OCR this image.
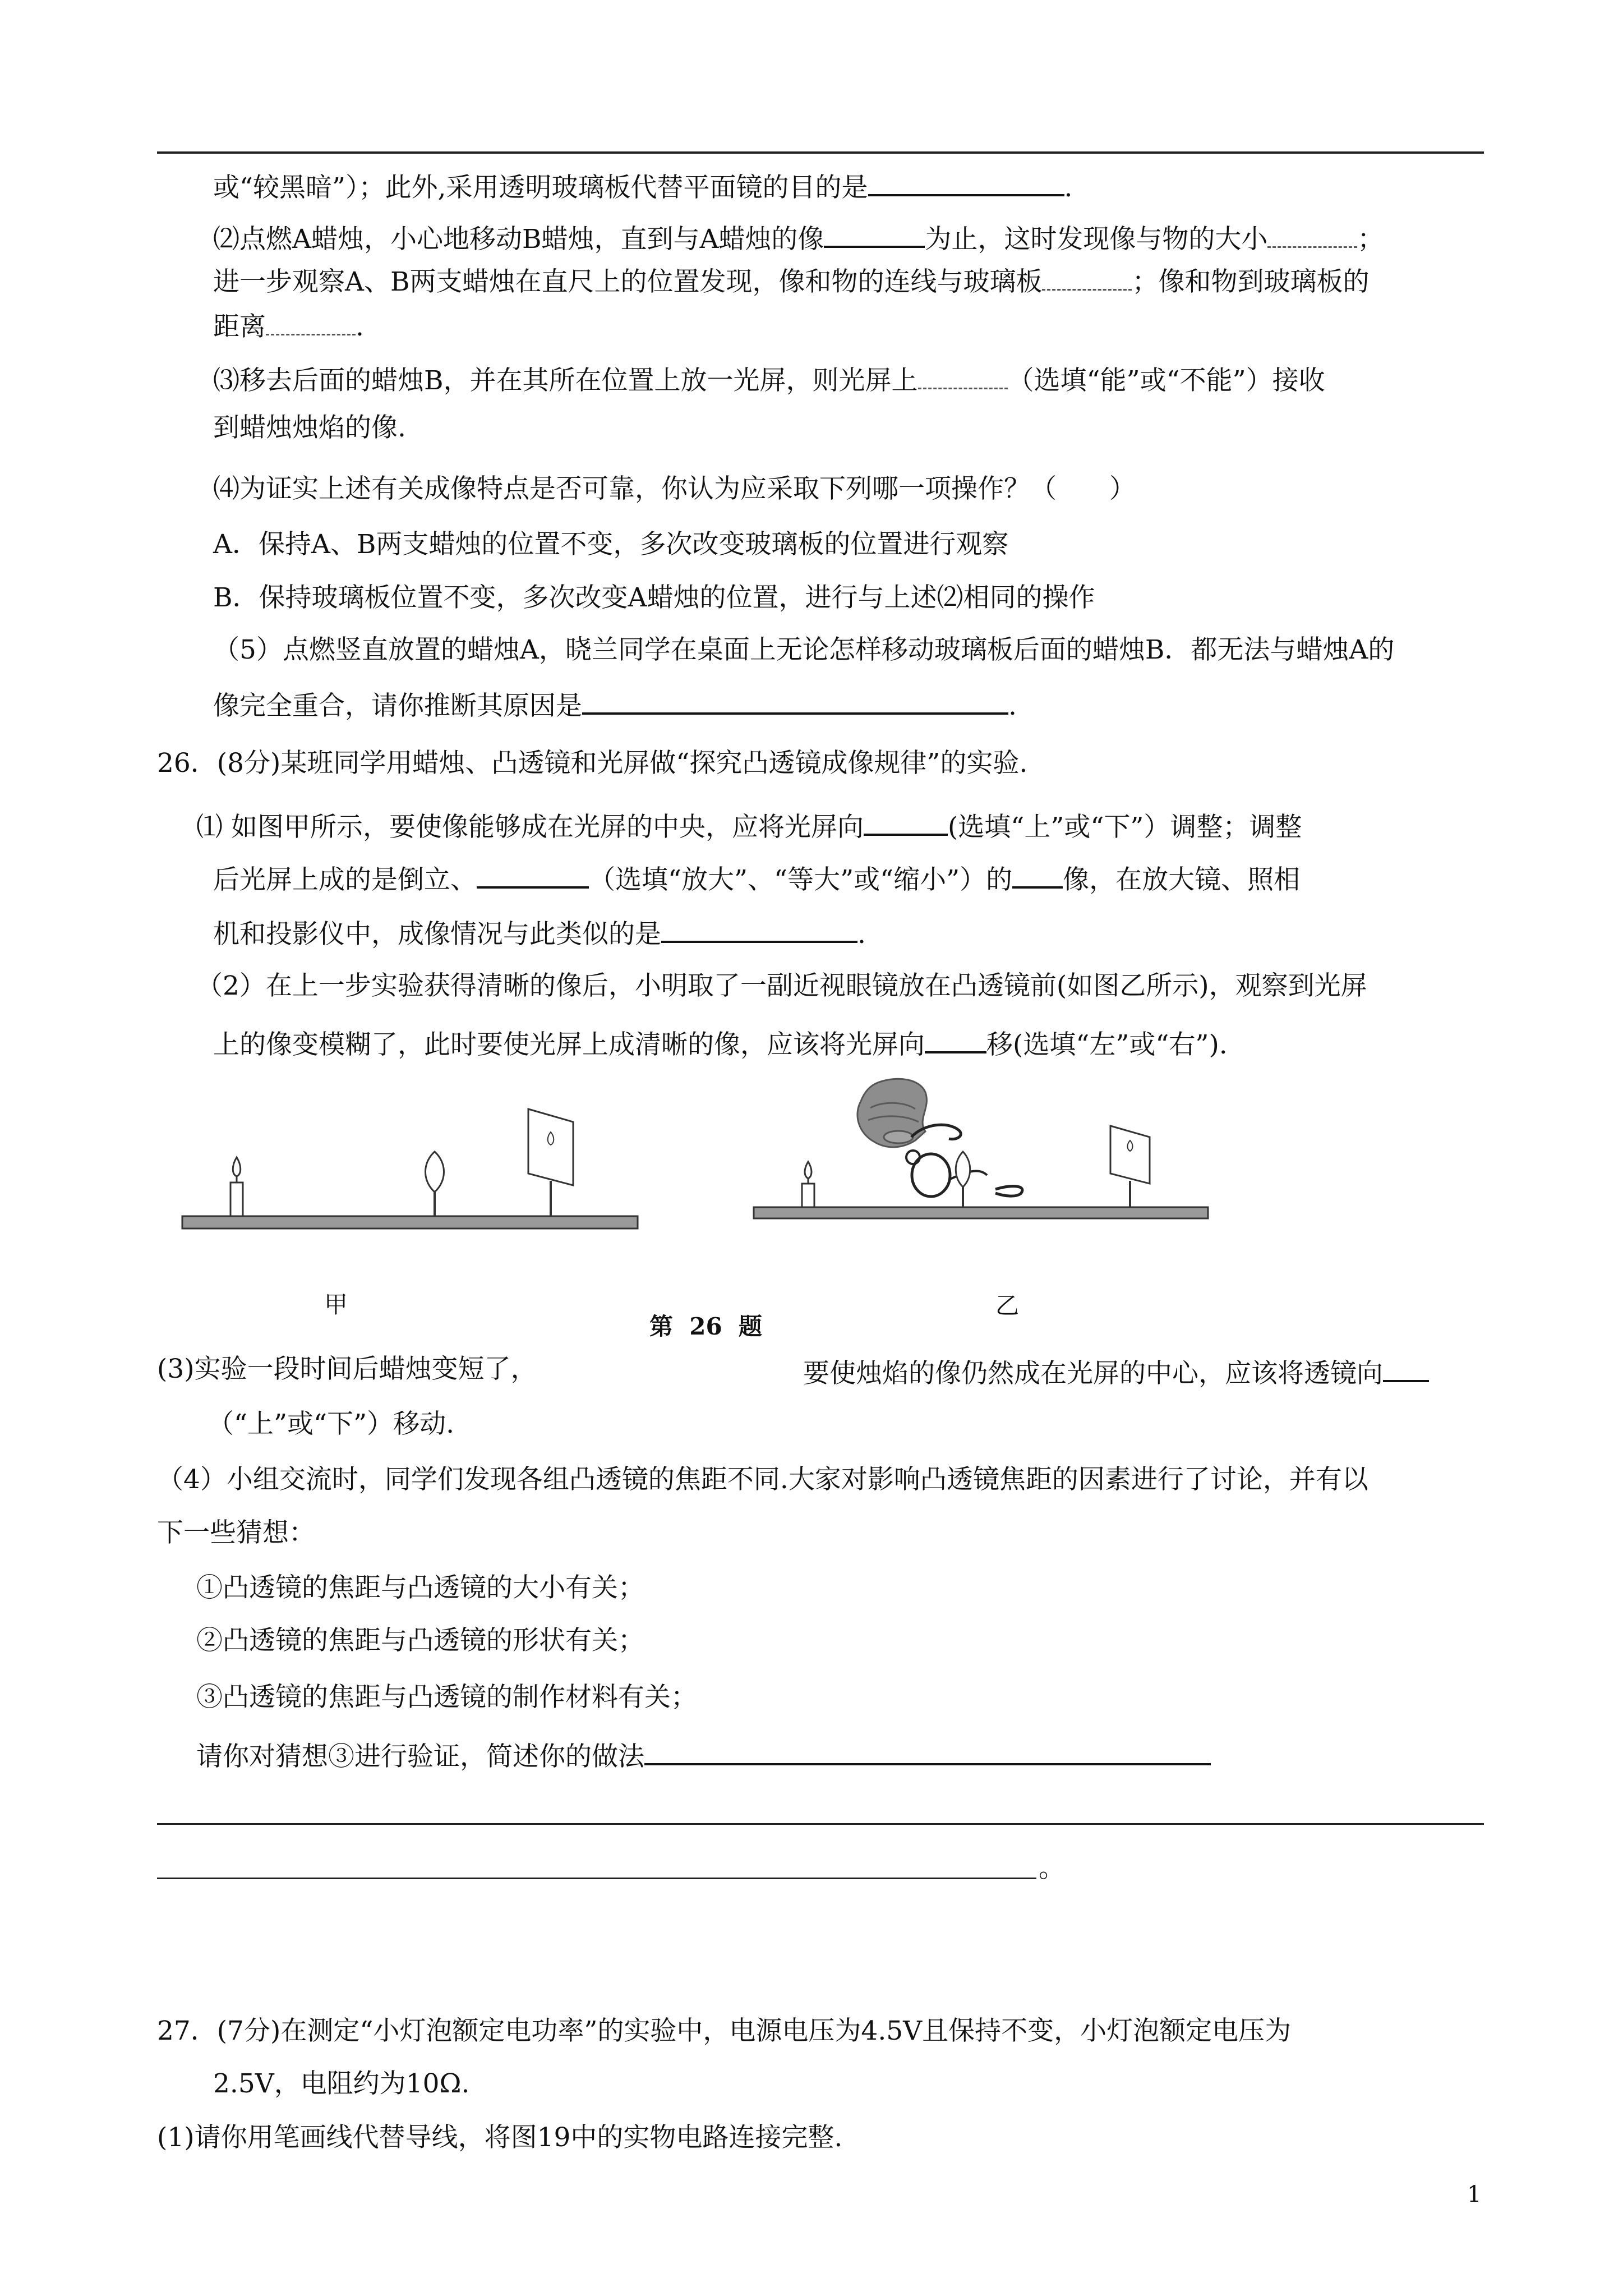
或“较黑暗”）；此外,采用透明玻璃板代替平面镜的目的是	.
⑵点燃A蜡烛，小心地移动B蜡烛，直到与A蜡烛的像	为止，这时发现像与物的大小	；
进一步观察A、B两支蜡烛在直尺上的位置发现，像和物的连线与玻璃板	；像和物到玻璃板的
距离	.
⑶移去后面的蜡烛B，并在其所在位置上放一光屏，则光屏上	（选填“能”或“不能”）接收
到蜡烛烛焰的像.
⑷为证实上述有关成像特点是否可靠，你认为应采取下列哪一项操作？（　　）
A．保持A、B两支蜡烛的位置不变，多次改变玻璃板的位置进行观察
B．保持玻璃板位置不变，多次改变A蜡烛的位置，进行与上述⑵相同的操作
（5）点燃竖直放置的蜡烛A，晓兰同学在桌面上无论怎样移动玻璃板后面的蜡烛B．都无法与蜡烛A的
像完全重合，请你推断其原因是	.
26．(8分)某班同学用蜡烛、凸透镜和光屏做“探究凸透镜成像规律”的实验.
⑴ 如图甲所示，要使像能够成在光屏的中央，应将光屏向	(选填“上”或“下”）调整；调整
后光屏上成的是倒立、	（选填“放大”、“等大”或“缩小”）的 像，在放大镜、照相
机和投影仪中，成像情况与此类似的是	.
（2）在上一步实验获得清晰的像后，小明取了一副近视眼镜放在凸透镜前(如图乙所示)，观察到光屏
上的像变模糊了，此时要使光屏上成清晰的像，应该将光屏向 移(选填“左”或“右”).
甲	乙
第  26  题
(3)实验一段时间后蜡烛变短了，	要使烛焰的像仍然成在光屏的中心，应该将透镜向
（“上”或“下”）移动.
（4）小组交流时，同学们发现各组凸透镜的焦距不同.大家对影响凸透镜焦距的因素进行了讨论，并有以
下一些猜想：
①凸透镜的焦距与凸透镜的大小有关；
②凸透镜的焦距与凸透镜的形状有关；
③凸透镜的焦距与凸透镜的制作材料有关；
请你对猜想③进行验证，简述你的做法
。
27．(7分)在测定“小灯泡额定电功率”的实验中，电源电压为4.5V且保持不变，小灯泡额定电压为
2.5V，电阻约为10Ω.
(1)请你用笔画线代替导线，将图19中的实物电路连接完整.
1
